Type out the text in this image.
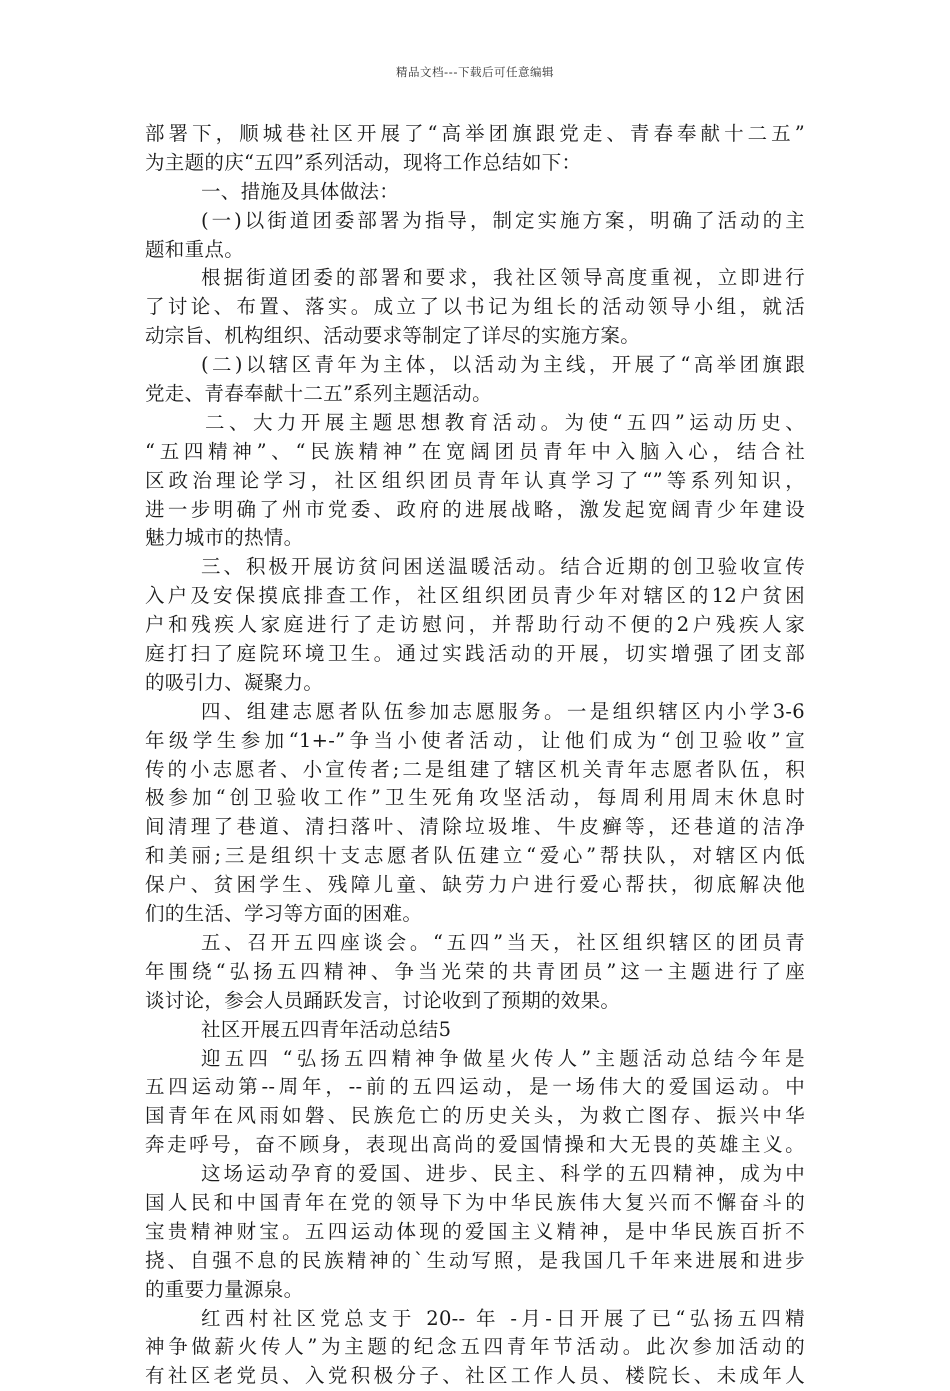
精品文档---下载后可任意编辑
部署下，顺城巷社区开展了“高举团旗跟党走、青春奉献十二五”
为主题的庆“五四”系列活动，现将工作总结如下：
一、措施及具体做法：
(一)以街道团委部署为指导，制定实施方案，明确了活动的主
题和重点。
根据街道团委的部署和要求，我社区领导高度重视，立即进行
了讨论、布置、落实。成立了以书记为组长的活动领导小组，就活
动宗旨、机构组织、活动要求等制定了详尽的实施方案。
(二)以辖区青年为主体，以活动为主线，开展了“高举团旗跟
党走、青春奉献十二五”系列主题活动。
二、大力开展主题思想教育活动。为使“五四”运动历史、
“五四精神”、“民族精神”在宽阔团员青年中入脑入心，结合社
区政治理论学习，社区组织团员青年认真学习了“”等系列知识，
进一步明确了州市党委、政府的进展战略，激发起宽阔青少年建设
魅力城市的热情。
三、积极开展访贫问困送温暖活动。结合近期的创卫验收宣传
入户及安保摸底排查工作，社区组织团员青少年对辖区的12户贫困
户和残疾人家庭进行了走访慰问，并帮助行动不便的2户残疾人家
庭打扫了庭院环境卫生。通过实践活动的开展，切实增强了团支部
的吸引力、凝聚力。
四、组建志愿者队伍参加志愿服务。一是组织辖区内小学3-6
年级学生参加“1+-”争当小使者活动，让他们成为“创卫验收”宣
传的小志愿者、小宣传者;二是组建了辖区机关青年志愿者队伍，积
极参加“创卫验收工作”卫生死角攻坚活动，每周利用周末休息时
间清理了巷道、清扫落叶、清除垃圾堆、牛皮癣等，还巷道的洁净
和美丽;三是组织十支志愿者队伍建立“爱心”帮扶队，对辖区内低
保户、贫困学生、残障儿童、缺劳力户进行爱心帮扶，彻底解决他
们的生活、学习等方面的困难。
五、召开五四座谈会。“五四”当天，社区组织辖区的团员青
年围绕“弘扬五四精神、争当光荣的共青团员”这一主题进行了座
谈讨论，参会人员踊跃发言，讨论收到了预期的效果。
社区开展五四青年活动总结5
迎五四 “弘扬五四精神争做星火传人”主题活动总结今年是
五四运动第--周年，--前的五四运动，是一场伟大的爱国运动。中
国青年在风雨如磐、民族危亡的历史关头，为救亡图存、振兴中华
奔走呼号，奋不顾身，表现出高尚的爱国情操和大无畏的英雄主义。
这场运动孕育的爱国、进步、民主、科学的五四精神，成为中
国人民和中国青年在党的领导下为中华民族伟大复兴而不懈奋斗的
宝贵精神财宝。五四运动体现的爱国主义精神，是中华民族百折不
挠、自强不息的民族精神的`生动写照，是我国几千年来进展和进步
的重要力量源泉。
红西村社区党总支于 20-- 年 -月-日开展了已“弘扬五四精
神争做薪火传人”为主题的纪念五四青年节活动。此次参加活动的
有社区老党员、入党积极分子、社区工作人员、楼院长、未成年人
